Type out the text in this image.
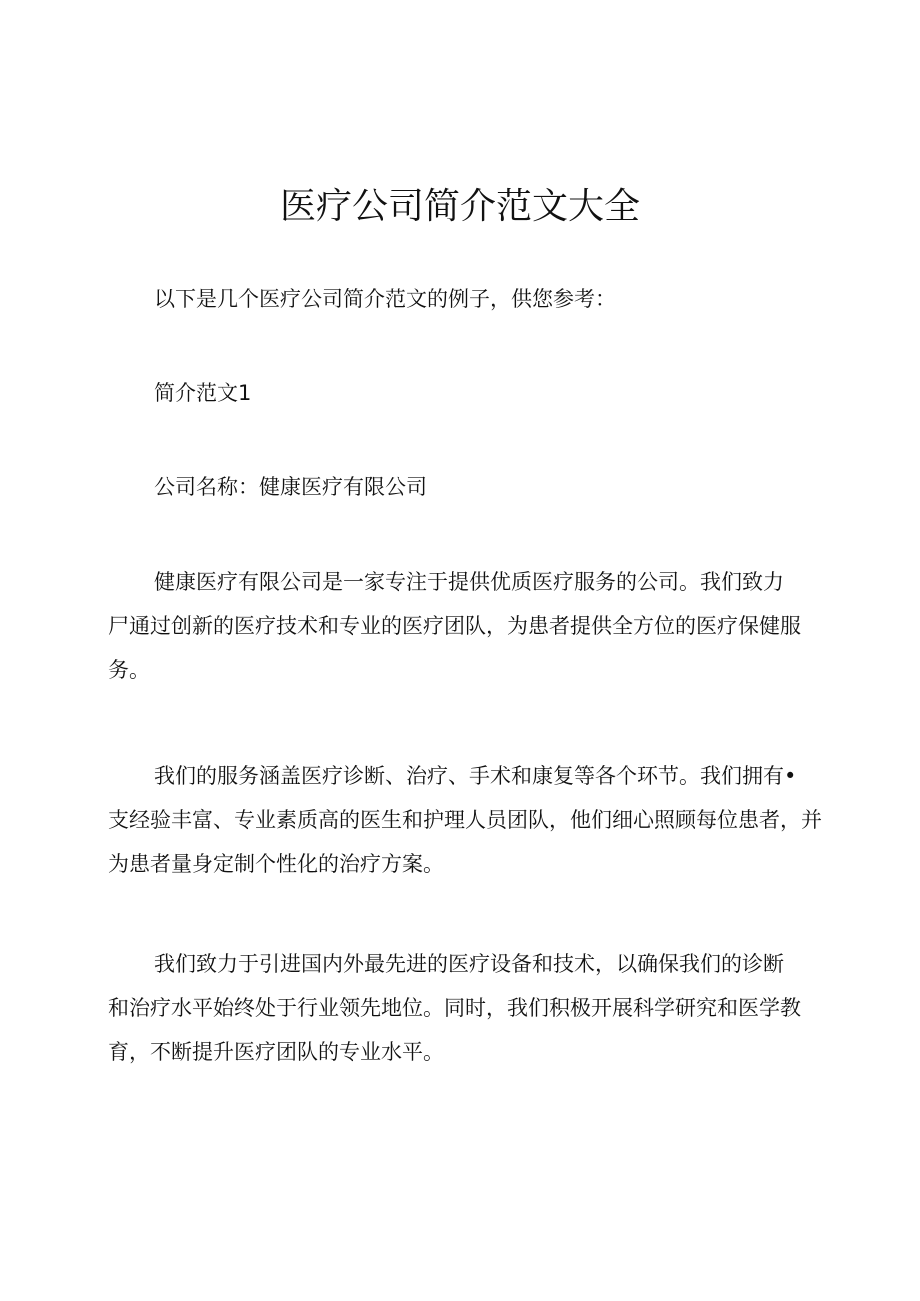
医疗公司简介范文大全

以下是几个医疗公司简介范文的例子，供您参考：

简介范文1

公司名称：健康医疗有限公司

健康医疗有限公司是一家专注于提供优质医疗服务的公司。我们致力
尸通过创新的医疗技术和专业的医疗团队，为患者提供全方位的医疗保健服
务。
我们的服务涵盖医疗诊断、治疗、手术和康复等各个环节。我们拥有•
支经验丰富、专业素质高的医生和护理人员团队，他们细心照顾每位患者，并
为患者量身定制个性化的治疗方案。
我们致力于引进国内外最先进的医疗设备和技术，以确保我们的诊断
和治疗水平始终处于行业领先地位。同时，我们积极开展科学研究和医学教
育，不断提升医疗团队的专业水平。
